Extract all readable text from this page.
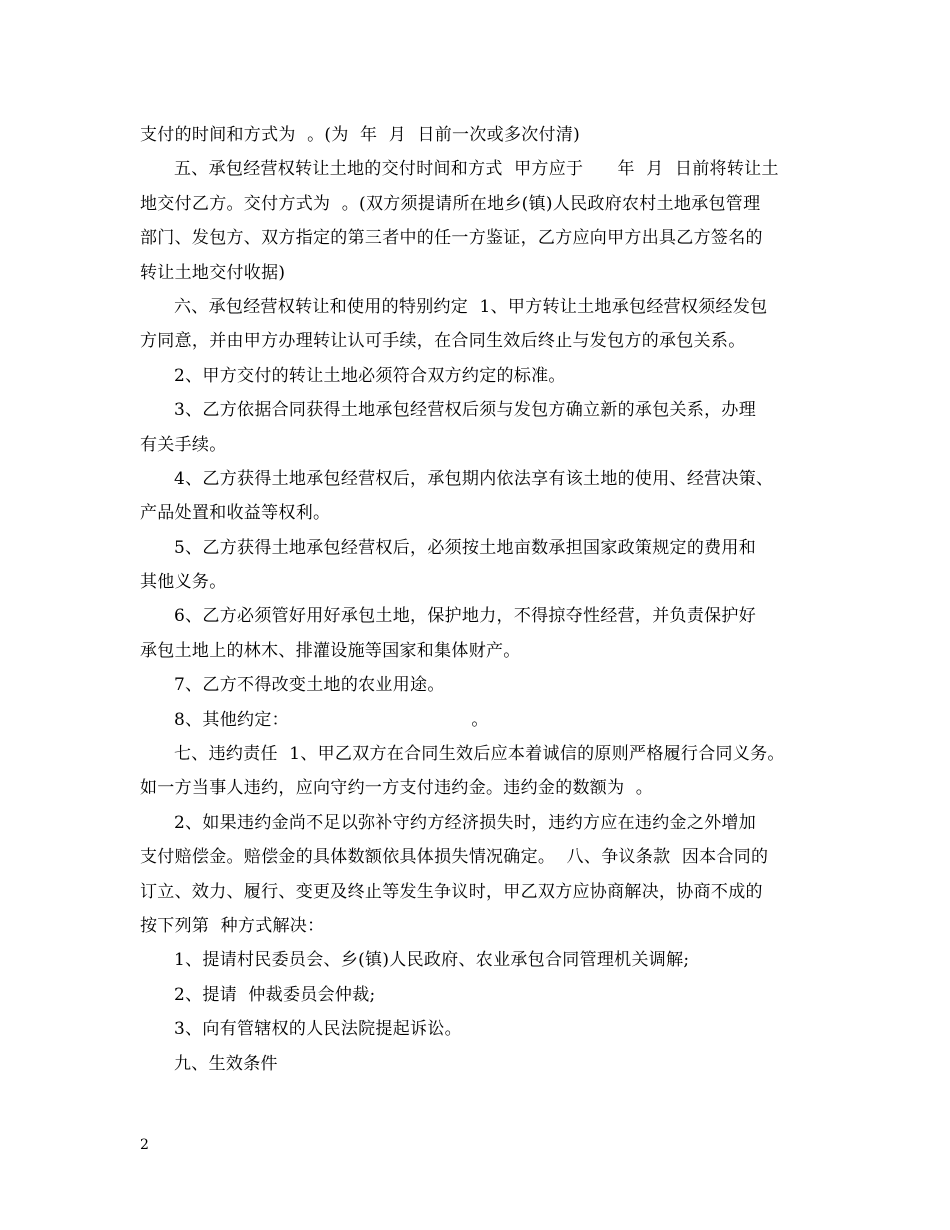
支付的时间和方式为  。(为  年  月  日前一次或多次付清)
五、承包经营权转让土地的交付时间和方式  甲方应于      年  月  日前将转让土
地交付乙方。交付方式为  。(双方须提请所在地乡(镇)人民政府农村土地承包管理
部门、发包方、双方指定的第三者中的任一方鉴证，乙方应向甲方出具乙方签名的
转让土地交付收据)
六、承包经营权转让和使用的特别约定  1、甲方转让土地承包经营权须经发包
方同意，并由甲方办理转让认可手续，在合同生效后终止与发包方的承包关系。
2、甲方交付的转让土地必须符合双方约定的标准。
3、乙方依据合同获得土地承包经营权后须与发包方确立新的承包关系，办理
有关手续。
4、乙方获得土地承包经营权后，承包期内依法享有该土地的使用、经营决策、
产品处置和收益等权利。
5、乙方获得土地承包经营权后，必须按土地亩数承担国家政策规定的费用和
其他义务。
6、乙方必须管好用好承包土地，保护地力，不得掠夺性经营，并负责保护好
承包土地上的林木、排灌设施等国家和集体财产。
7、乙方不得改变土地的农业用途。
8、其他约定：                                。
七、违约责任  1、甲乙双方在合同生效后应本着诚信的原则严格履行合同义务。
如一方当事人违约，应向守约一方支付违约金。违约金的数额为  。
2、如果违约金尚不足以弥补守约方经济损失时，违约方应在违约金之外增加
支付赔偿金。赔偿金的具体数额依具体损失情况确定。  八、争议条款  因本合同的
订立、效力、履行、变更及终止等发生争议时，甲乙双方应协商解决，协商不成的
按下列第  种方式解决：
1、提请村民委员会、乡(镇)人民政府、农业承包合同管理机关调解;
2、提请  仲裁委员会仲裁;
3、向有管辖权的人民法院提起诉讼。
九、生效条件
2
